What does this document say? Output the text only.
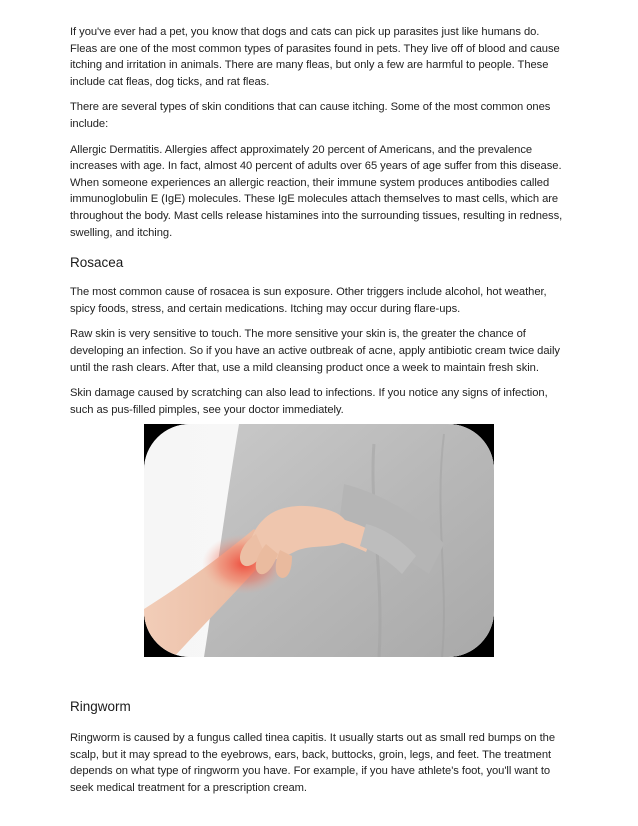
If you've ever had a pet, you know that dogs and cats can pick up parasites just like humans do. Fleas are one of the most common types of parasites found in pets. They live off of blood and cause itching and irritation in animals. There are many fleas, but only a few are harmful to people. These include cat fleas, dog ticks, and rat fleas.

There are several types of skin conditions that can cause itching. Some of the most common ones include:

Allergic Dermatitis. Allergies affect approximately 20 percent of Americans, and the prevalence increases with age. In fact, almost 40 percent of adults over 65 years of age suffer from this disease. When someone experiences an allergic reaction, their immune system produces antibodies called immunoglobulin E (IgE) molecules. These IgE molecules attach themselves to mast cells, which are throughout the body. Mast cells release histamines into the surrounding tissues, resulting in redness, swelling, and itching.

Rosacea

The most common cause of rosacea is sun exposure. Other triggers include alcohol, hot weather, spicy foods, stress, and certain medications. Itching may occur during flare-ups.

Raw skin is very sensitive to touch. The more sensitive your skin is, the greater the chance of developing an infection. So if you have an active outbreak of acne, apply antibiotic cream twice daily until the rash clears. After that, use a mild cleansing product once a week to maintain fresh skin.

Skin damage caused by scratching can also lead to infections. If you notice any signs of infection, such as pus-filled pimples, see your doctor immediately.

Ringworm

Ringworm is caused by a fungus called tinea capitis. It usually starts out as small red bumps on the scalp, but it may spread to the eyebrows, ears, back, buttocks, groin, legs, and feet. The treatment depends on what type of ringworm you have. For example, if you have athlete's foot, you'll want to seek medical treatment for a prescription cream.
